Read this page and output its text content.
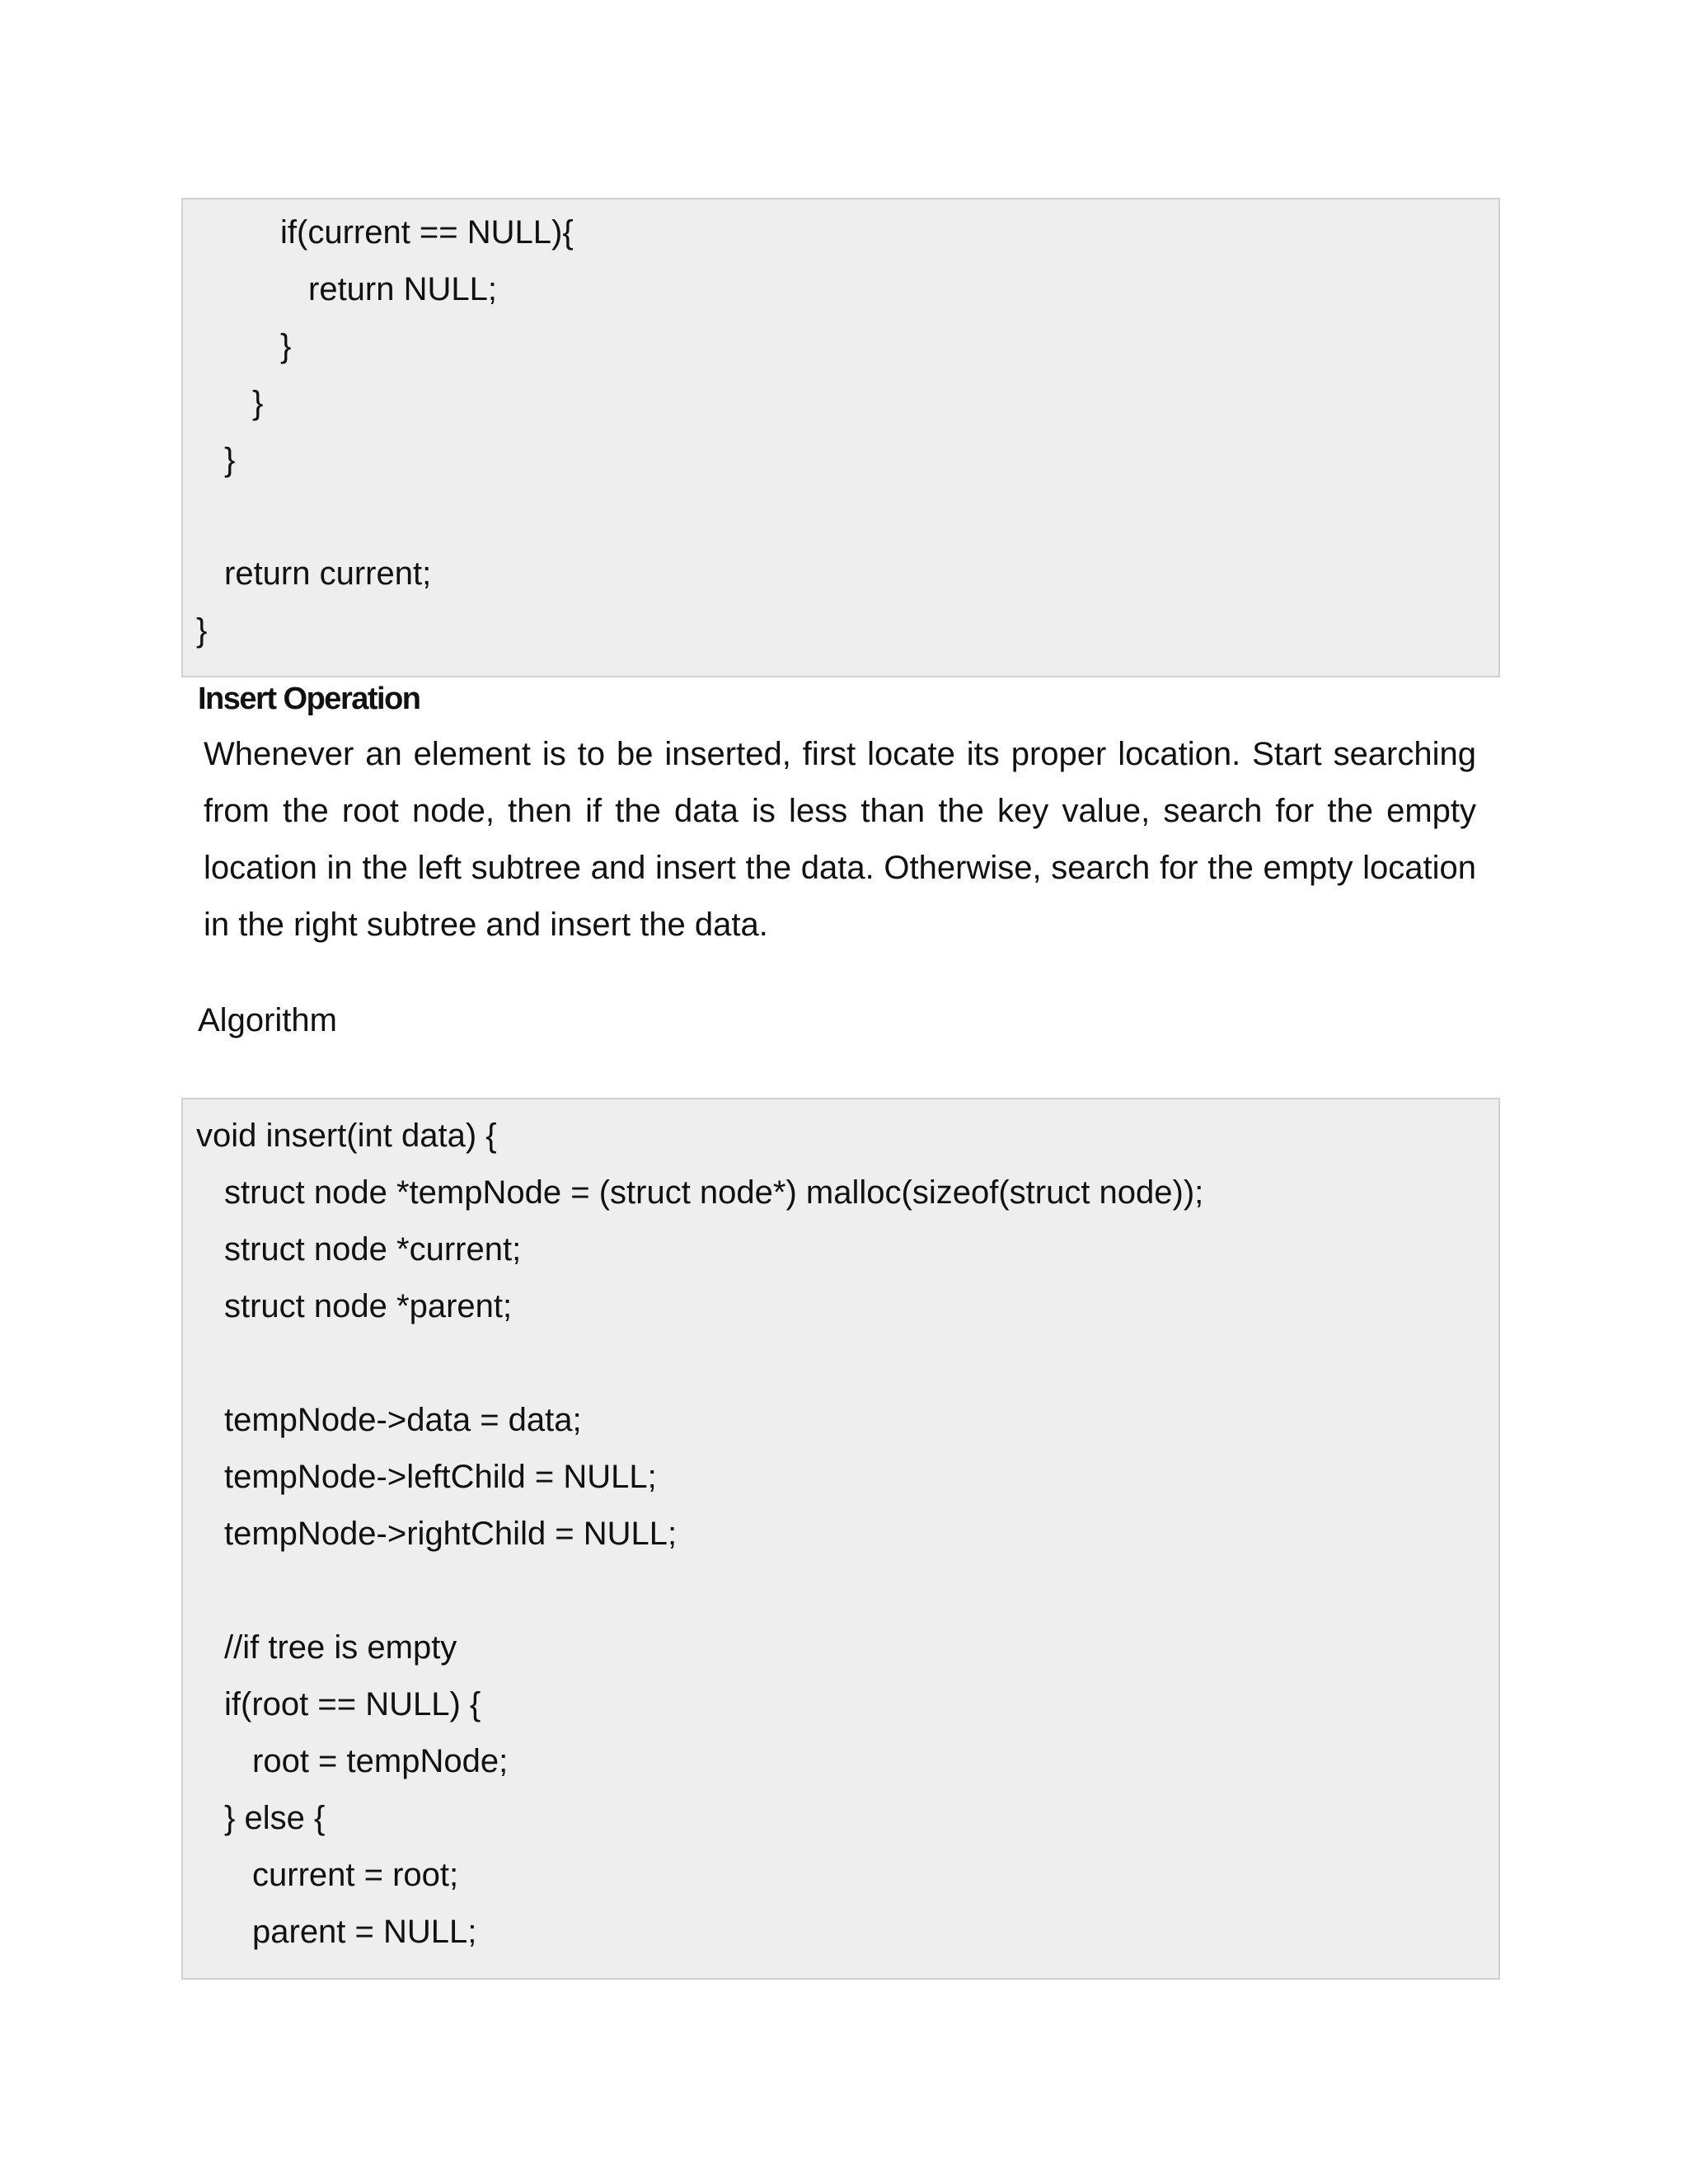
if(current == NULL){
return NULL;
}
}
}
return current;
}
Insert Operation

Whenever an element is to be inserted, first locate its proper location. Start searching from the root node, then if the data is less than the key value, search for the empty location in the left subtree and insert the data. Otherwise, search for the empty location in the right subtree and insert the data.

Algorithm

void insert(int data) {
struct node *tempNode = (struct node*) malloc(sizeof(struct node));
struct node *current;
struct node *parent;
tempNode->data = data;
tempNode->leftChild = NULL;
tempNode->rightChild = NULL;
//if tree is empty
if(root == NULL) {
root = tempNode;
} else {
current = root;
parent = NULL;
